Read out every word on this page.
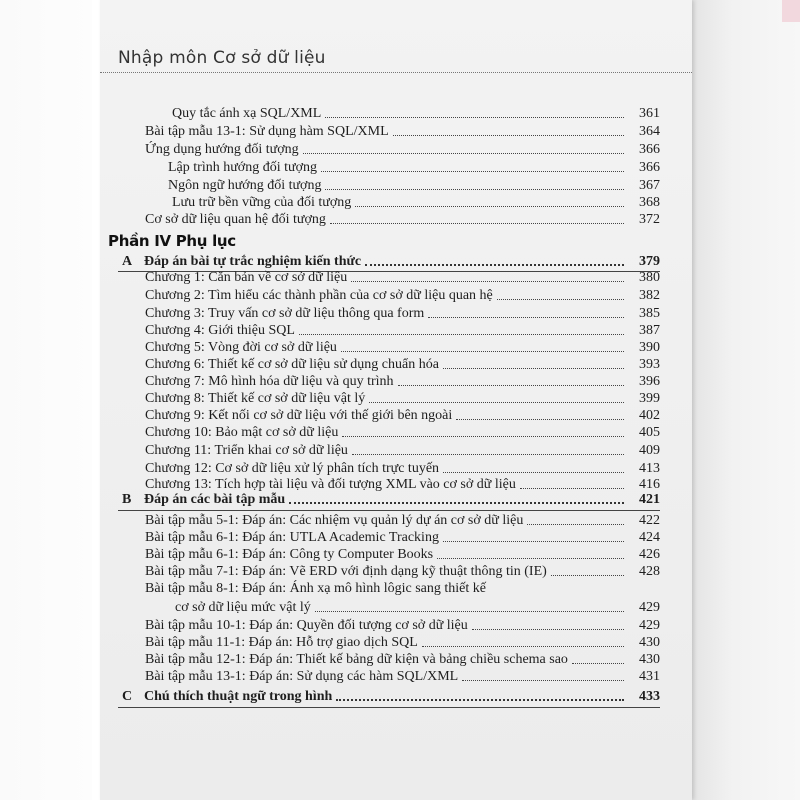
Nhập môn Cơ sở dữ liệu
Quy tắc ánh xạ SQL/XML	361
Bài tập mẫu 13-1: Sử dụng hàm SQL/XML	364
Ứng dụng hướng đối tượng	366
Lập trình hướng đối tượng	366
Ngôn ngữ hướng đối tượng	367
Lưu trữ bền vững của đối tượng	368
Cơ sở dữ liệu quan hệ đối tượng	372
Phần IV Phụ lục
A Đáp án bài tự trắc nghiệm kiến thức	379
Chương 1: Căn bản về cơ sở dữ liệu	380
Chương 2: Tìm hiểu các thành phần của cơ sở dữ liệu quan hệ	382
Chương 3: Truy vấn cơ sở dữ liệu thông qua form	385
Chương 4: Giới thiệu SQL	387
Chương 5: Vòng đời cơ sở dữ liệu	390
Chương 6: Thiết kế cơ sở dữ liệu sử dụng chuẩn hóa	393
Chương 7: Mô hình hóa dữ liệu và quy trình	396
Chương 8: Thiết kế cơ sở dữ liệu vật lý	399
Chương 9: Kết nối cơ sở dữ liệu với thế giới bên ngoài	402
Chương 10: Bảo mật cơ sở dữ liệu	405
Chương 11: Triển khai cơ sở dữ liệu	409
Chương 12: Cơ sở dữ liệu xử lý phân tích trực tuyến	413
Chương 13: Tích hợp tài liệu và đối tượng XML vào cơ sở dữ liệu	416
B Đáp án các bài tập mẫu	421
Bài tập mẫu 5-1: Đáp án: Các nhiệm vụ quản lý dự án cơ sở dữ liệu	422
Bài tập mẫu 6-1: Đáp án: UTLA Academic Tracking	424
Bài tập mẫu 6-1: Đáp án: Công ty Computer Books	426
Bài tập mẫu 7-1: Đáp án: Vẽ ERD với định dạng kỹ thuật thông tin (IE)	428
Bài tập mẫu 8-1: Đáp án: Ánh xạ mô hình lôgic sang thiết kế
cơ sở dữ liệu mức vật lý	429
Bài tập mẫu 10-1: Đáp án: Quyền đối tượng cơ sở dữ liệu	429
Bài tập mẫu 11-1: Đáp án: Hỗ trợ giao dịch SQL	430
Bài tập mẫu 12-1: Đáp án: Thiết kế bảng dữ kiện và bảng chiều schema sao	430
Bài tập mẫu 13-1: Đáp án: Sử dụng các hàm SQL/XML	431
C Chú thích thuật ngữ trong hình	433
